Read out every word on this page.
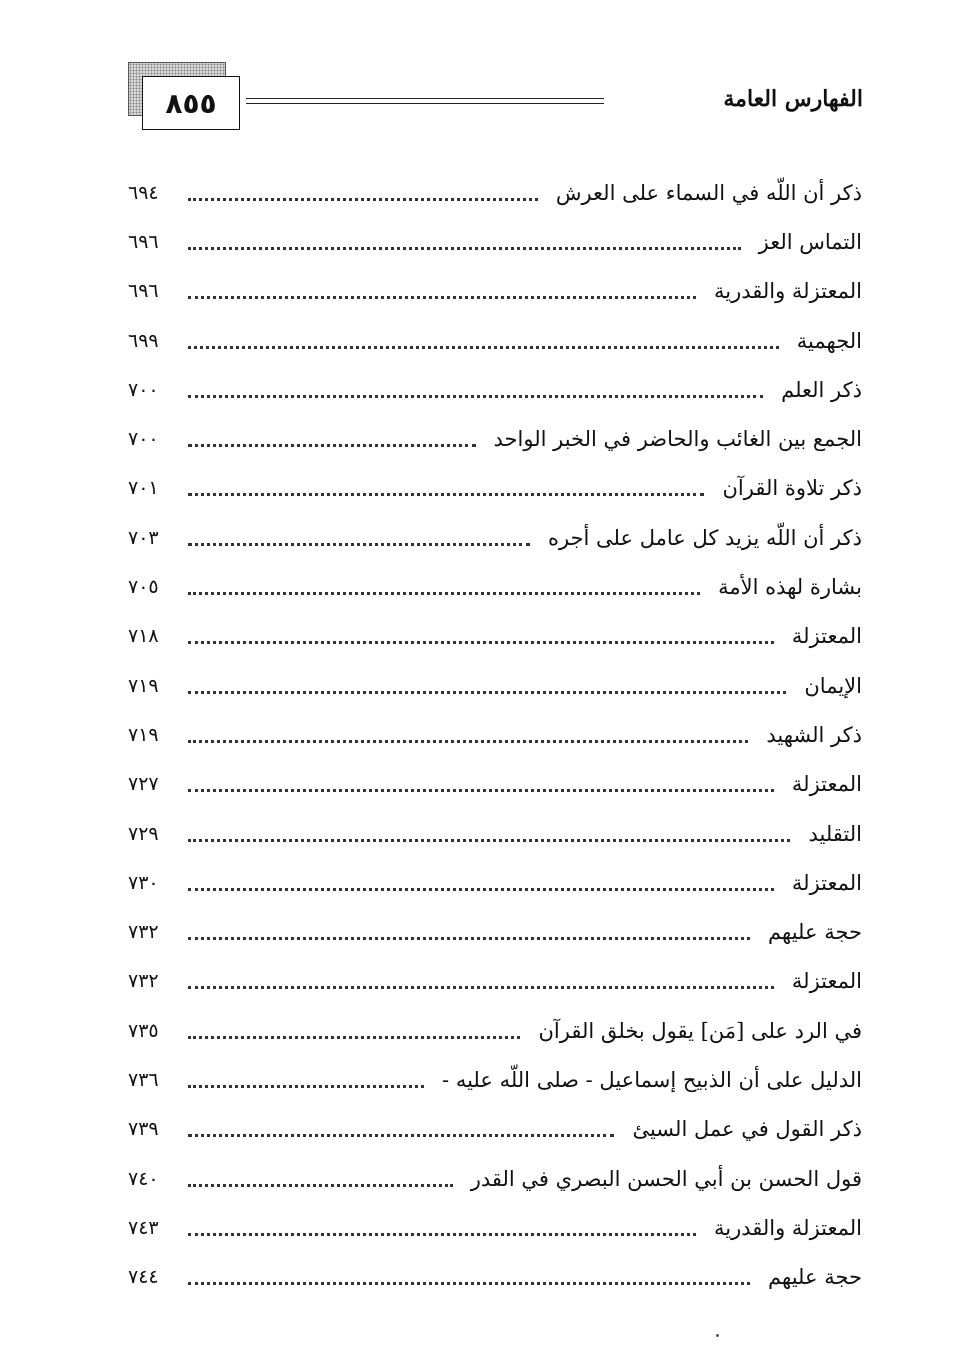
٨٥٥	الفهارس العامة
ذكر أن اللّه في السماء على العرش
٦٩٤
التماس العز
٦٩٦
المعتزلة والقدرية
٦٩٦
الجهمية
٦٩٩
ذكر العلم
٧٠٠
الجمع بين الغائب والحاضر في الخبر الواحد
٧٠٠
ذكر تلاوة القرآن
٧٠١
ذكر أن اللّه يزيد كل عامل على أجره
٧٠٣
بشارة لهذه الأمة
٧٠٥
المعتزلة
٧١٨
الإيمان
٧١٩
ذكر الشهيد
٧١٩
المعتزلة
٧٢٧
التقليد
٧٢٩
المعتزلة
٧٣٠
حجة عليهم
٧٣٢
المعتزلة
٧٣٢
في الرد على [مَن] يقول بخلق القرآن
٧٣٥
الدليل على أن الذبيح إسماعيل - صلى اللّه عليه -
٧٣٦
ذكر القول في عمل السيئ
٧٣٩
قول الحسن بن أبي الحسن البصري في القدر
٧٤٠
المعتزلة والقدرية
٧٤٣
حجة عليهم
٧٤٤
